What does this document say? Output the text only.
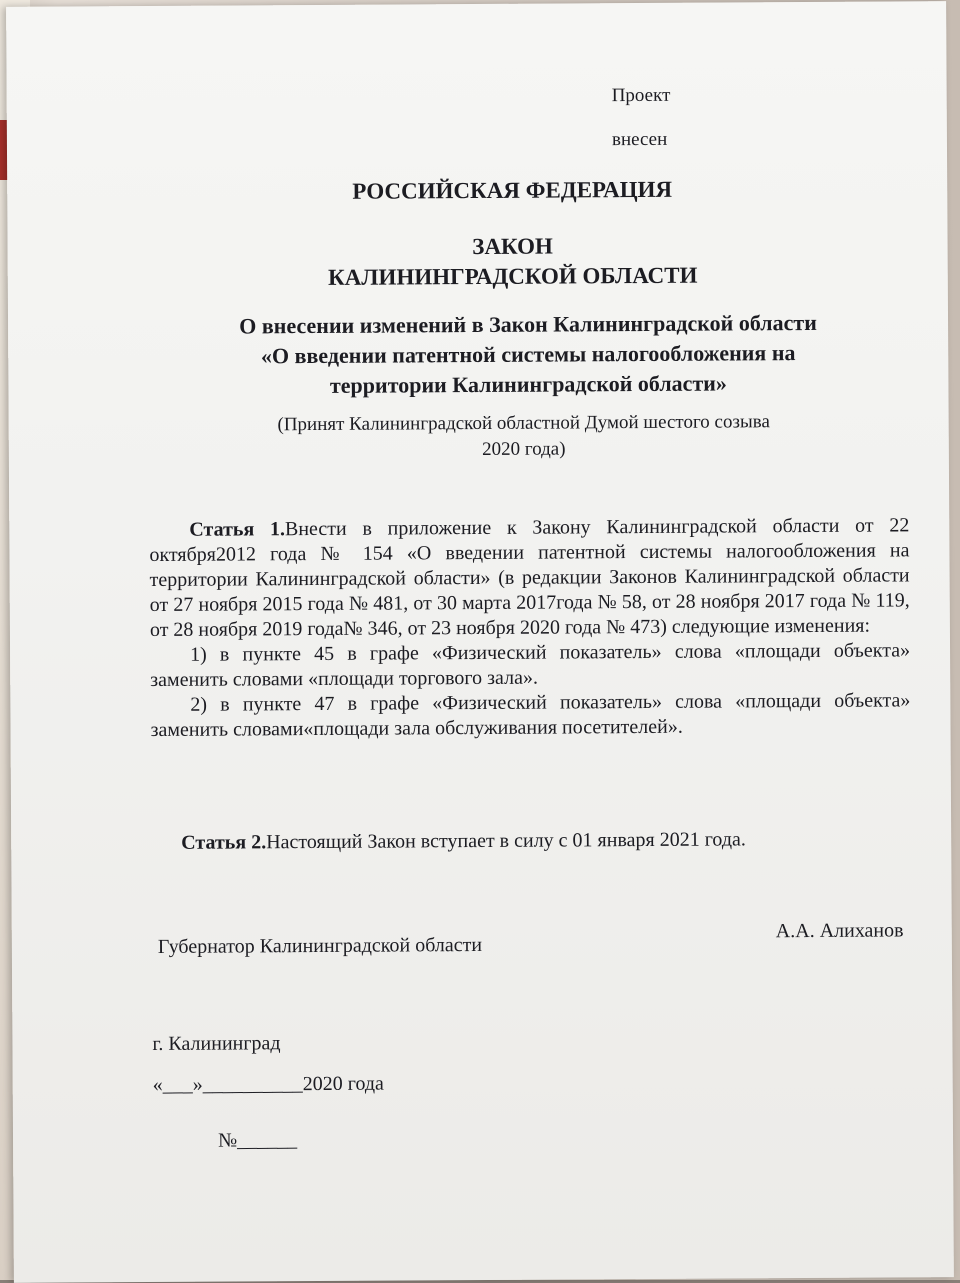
Проект
внесен
РОССИЙСКАЯ ФЕДЕРАЦИЯ
ЗАКОН
КАЛИНИНГРАДСКОЙ ОБЛАСТИ
О внесении изменений в Закон Калининградской области
«О введении патентной системы налогообложения на
территории Калининградской области»
(Принят Калининградской областной Думой шестого созыва
2020 года)

Статья 1.Внести в приложение к Закону Калининградской области от 22 октября2012 года № 154 «О введении патентной системы налогообложения на территории Калининградской области» (в редакции Законов Калининградской области от 27 ноября 2015 года № 481, от 30 марта 2017года № 58, от 28 ноября 2017 года № 119, от 28 ноября 2019 года№ 346, от 23 ноября 2020 года № 473) следующие изменения:

1) в пункте 45 в графе «Физический показатель» слова «площади объекта» заменить словами «площади торгового зала».

2) в пункте 47 в графе «Физический показатель» слова «площади объекта» заменить словами«площади зала обслуживания посетителей».

Статья 2.Настоящий Закон вступает в силу с 01 января 2021 года.
Губернатор Калининградской области
А.А. Алиханов
г. Калининград
«___»__________2020 года
№______
